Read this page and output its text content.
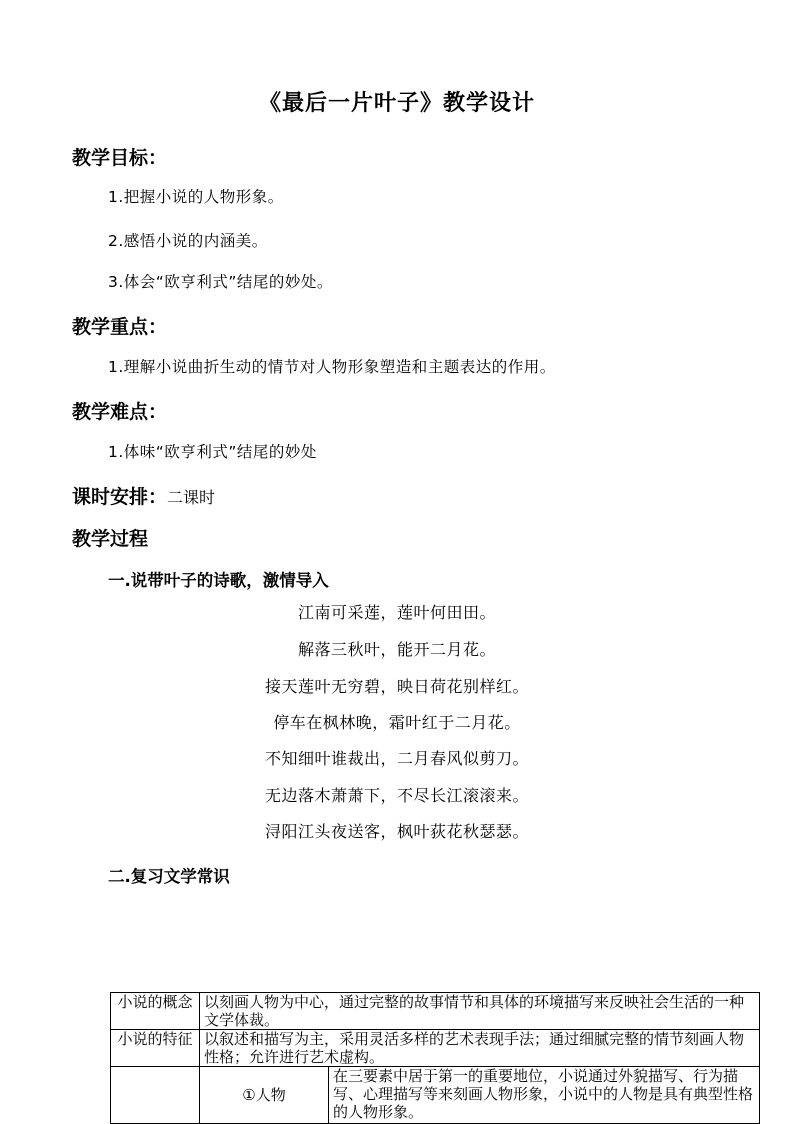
《最后一片叶子》教学设计
教学目标：
1.把握小说的人物形象。
2.感悟小说的内涵美。
3.体会“欧亨利式”结尾的妙处。
教学重点：
1.理解小说曲折生动的情节对人物形象塑造和主题表达的作用。
教学难点：
1.体味“欧亨利式”结尾的妙处
课时安排：二课时
教学过程
一.说带叶子的诗歌，激情导入
江南可采莲，莲叶何田田。
解落三秋叶，能开二月花。
接天莲叶无穷碧，映日荷花别样红。
停车在枫林晚，霜叶红于二月花。
不知细叶谁裁出，二月春风似剪刀。
无边落木萧萧下，不尽长江滚滚来。
浔阳江头夜送客，枫叶荻花秋瑟瑟。
二.复习文学常识
小说的概念	以刻画人物为中心，通过完整的故事情节和具体的环境描写来反映社会生活的一种文学体裁。	
小说的特征	以叙述和描写为主，采用灵活多样的艺术表现手法；通过细腻完整的情节刻画人物性格；允许进行艺术虚构。	
	①人物	在三要素中居于第一的重要地位，小说通过外貌描写、行为描写、心理描写等来刻画人物形象，小说中的人物是具有典型性格的人物形象。
